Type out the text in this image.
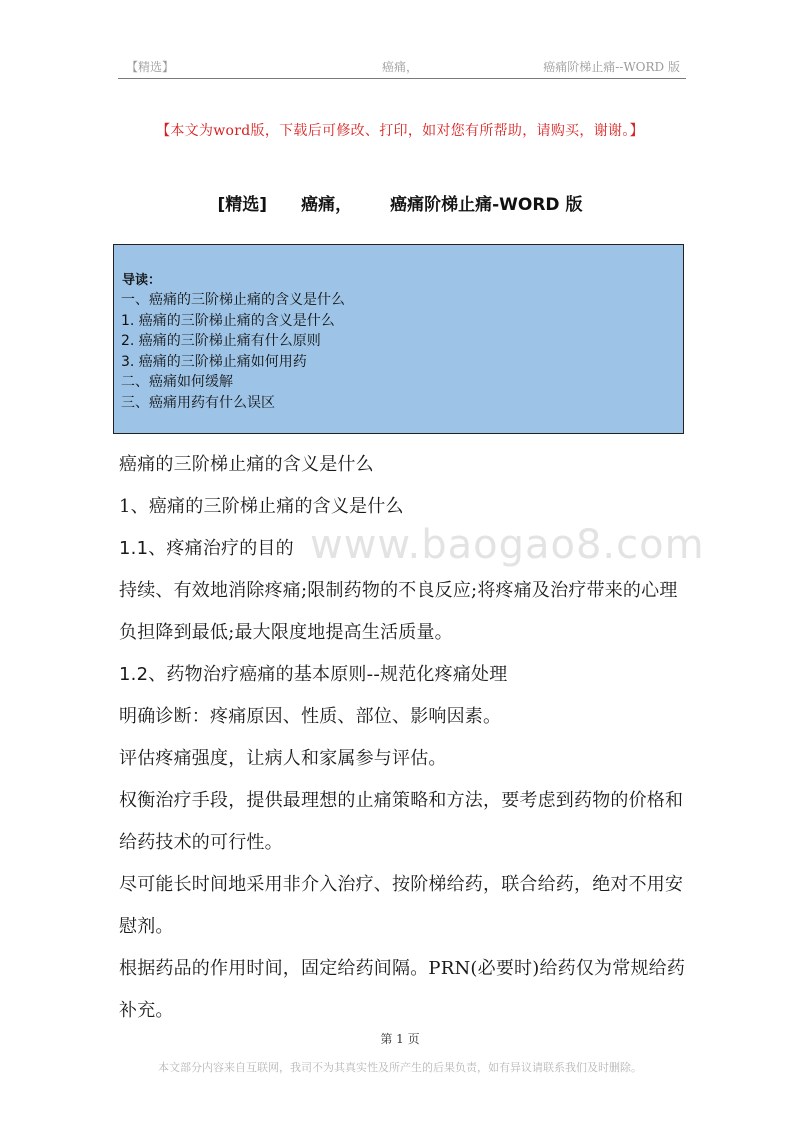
【精选】	癌痛，	癌痛阶梯止痛--WORD 版
【本文为word版，下载后可修改、打印，如对您有所帮助，请购买，谢谢。】
[精选] 癌痛， 癌痛阶梯止痛-WORD 版
导读：
一、癌痛的三阶梯止痛的含义是什么
1. 癌痛的三阶梯止痛的含义是什么
2. 癌痛的三阶梯止痛有什么原则
3. 癌痛的三阶梯止痛如何用药
二、癌痛如何缓解
三、癌痛用药有什么误区
www.baogao8.com

癌痛的三阶梯止痛的含义是什么

1、癌痛的三阶梯止痛的含义是什么

1.1、疼痛治疗的目的

持续、有效地消除疼痛;限制药物的不良反应;将疼痛及治疗带来的心理负担降到最低;最大限度地提高生活质量。

1.2、药物治疗癌痛的基本原则--规范化疼痛处理

明确诊断：疼痛原因、性质、部位、影响因素。

评估疼痛强度，让病人和家属参与评估。

权衡治疗手段，提供最理想的止痛策略和方法，要考虑到药物的价格和给药技术的可行性。

尽可能长时间地采用非介入治疗、按阶梯给药，联合给药，绝对不用安慰剂。

根据药品的作用时间，固定给药间隔。PRN(必要时)给药仅为常规给药补充。

第 1 页
本文部分内容来自互联网，我司不为其真实性及所产生的后果负责，如有异议请联系我们及时删除。
